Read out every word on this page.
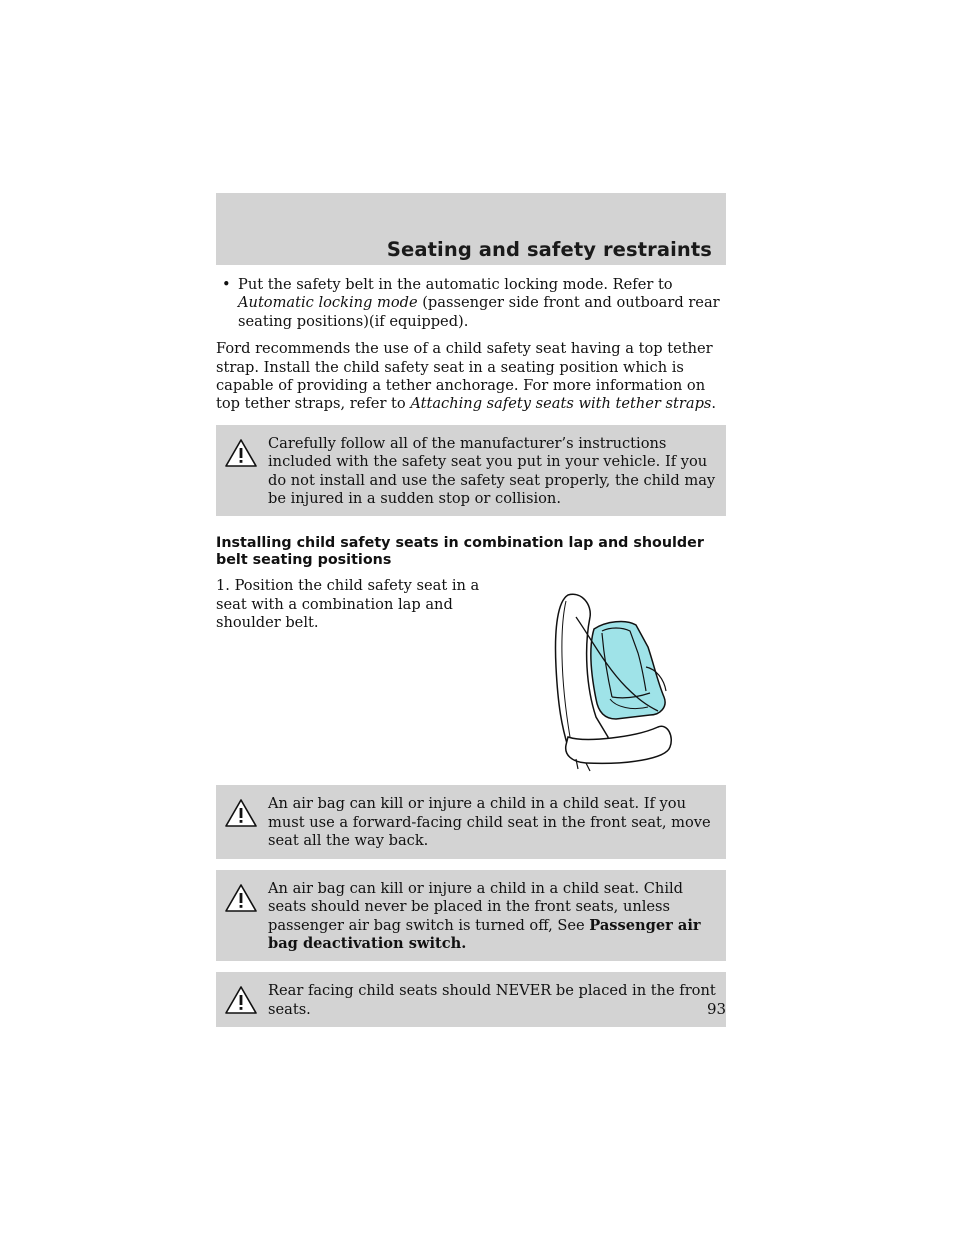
Seating and safety restraints
• Put the safety belt in the automatic locking mode. Refer to Automatic locking mode (passenger side front and outboard rear seating positions)(if equipped).

Ford recommends the use of a child safety seat having a top tether strap. Install the child safety seat in a seating position which is capable of providing a tether anchorage. For more information on top tether straps, refer to Attaching safety seats with tether straps.

Carefully follow all of the manufacturer’s instructions included with the safety seat you put in your vehicle. If you do not install and use the safety seat properly, the child may be injured in a sudden stop or collision.
Installing child safety seats in combination lap and shoulder belt seating positions
1. Position the child safety seat in a seat with a combination lap and shoulder belt.
An air bag can kill or injure a child in a child seat. If you must use a forward-facing child seat in the front seat, move seat all the way back.
An air bag can kill or injure a child in a child seat. Child seats should never be placed in the front seats, unless passenger air bag switch is turned off, See Passenger air bag deactivation switch.
Rear facing child seats should NEVER be placed in the front seats.	93
